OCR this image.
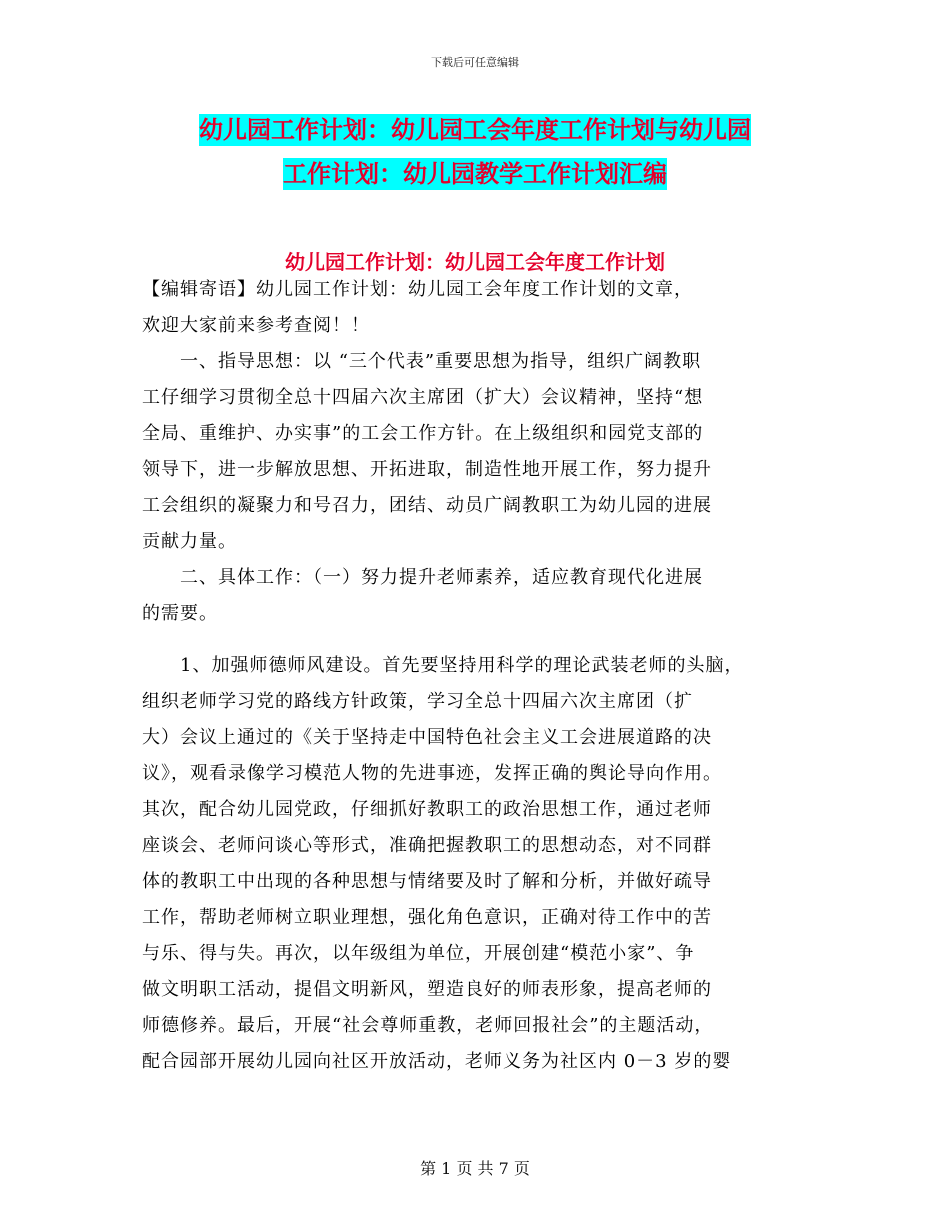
下载后可任意编辑
幼儿园工作计划：幼儿园工会年度工作计划与幼儿园
工作计划：幼儿园教学工作计划汇编
幼儿园工作计划：幼儿园工会年度工作计划
【编辑寄语】幼儿园工作计划：幼儿园工会年度工作计划的文章，
欢迎大家前来参考查阅！！
　　一、指导思想：以 “三个代表”重要思想为指导，组织广阔教职
工仔细学习贯彻全总十四届六次主席团（扩大）会议精神，坚持“想
全局、重维护、办实事”的工会工作方针。在上级组织和园党支部的
领导下，进一步解放思想、开拓进取，制造性地开展工作，努力提升
工会组织的凝聚力和号召力，团结、动员广阔教职工为幼儿园的进展
贡献力量。
　　二、具体工作：（一）努力提升老师素养，适应教育现代化进展
的需要。
　　1、加强师德师风建设。首先要坚持用科学的理论武装老师的头脑，
组织老师学习党的路线方针政策，学习全总十四届六次主席团（扩
大）会议上通过的《关于坚持走中国特色社会主义工会进展道路的决
议》，观看录像学习模范人物的先进事迹，发挥正确的舆论导向作用。
其次，配合幼儿园党政，仔细抓好教职工的政治思想工作，通过老师
座谈会、老师问谈心等形式，准确把握教职工的思想动态，对不同群
体的教职工中出现的各种思想与情绪要及时了解和分析，并做好疏导
工作，帮助老师树立职业理想，强化角色意识，正确对待工作中的苦
与乐、得与失。再次，以年级组为单位，开展创建“模范小家”、争
做文明职工活动，提倡文明新风，塑造良好的师表形象，提高老师的
师德修养。最后，开展“社会尊师重教，老师回报社会”的主题活动，
配合园部开展幼儿园向社区开放活动，老师义务为社区内 0－3 岁的婴
第 1 页 共 7 页
